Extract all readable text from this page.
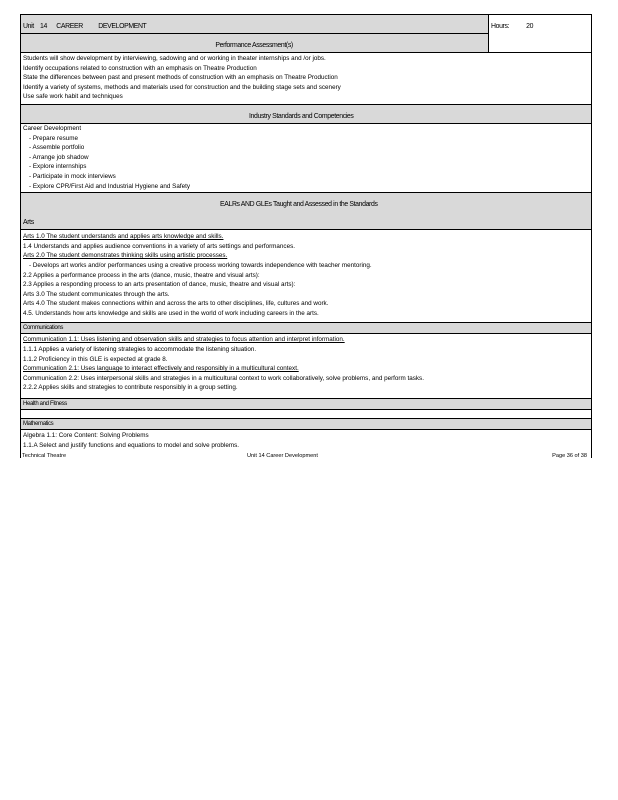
Unit 14 CAREER DEVELOPMENT	Hours: 20
Performance Assessment(s)

Students will show development by interviewing, sadowing and or working in theater internships and /or jobs.
Identify occupations related to construction with an emphasis on Theatre Production
State the differences between past and present methods of construction with an emphasis on Theatre Production
Identify a variety of systems, methods and materials used for construction and the building stage sets and scenery
Use safe work habit and techniques

Industry Standards and Competencies

Career Development
- Prepare resume
- Assemble portfolio
- Arrange job shadow
- Explore internships
- Participate in mock interviews
- Explore CPR/First Aid and Industrial Hygiene and Safety

EALRs AND GLEs Taught and Assessed in the Standards
Arts

Arts 1.0 The student understands and applies arts knowledge and skills.
1.4 Understands and applies audience conventions in a variety of arts settings and performances.
Arts 2.0 The student demonstrates thinking skills using artistic processes.
- Develops art works and/or performances using a creative process working towards independence with teacher mentoring.
2.2 Applies a performance process in the arts (dance, music, theatre and visual arts):
2.3 Applies a responding process to an arts presentation of dance, music, theatre and visual arts):
Arts 3.0 The student communicates through the arts.
Arts 4.0 The student makes connections within and across the arts to other disciplines, life, cultures and work.
4.5. Understands how arts knowledge and skills are used in the world of work including careers in the arts.

Communications

Communication 1.1: Uses listening and observation skills and strategies to focus attention and interpret information.
1.1.1 Applies a variety of listening strategies to accommodate the listening situation.
1.1.2 Proficiency in this GLE is expected at grade 8.
Communication 2.1: Uses language to interact effectively and responsibly in a multicultural context.
Communication 2.2: Uses interpersonal skills and strategies in a multicultural context to work collaboratively, solve problems, and perform tasks.
2.2.2 Applies skills and strategies to contribute responsibly in a group setting.

Health and Fitness

Mathematics

Algebra 1.1: Core Content: Solving Problems
1.1.A Select and justify functions and equations to model and solve problems.
Technical Theatre	Unit 14 Career Development	Page 36 of 38
